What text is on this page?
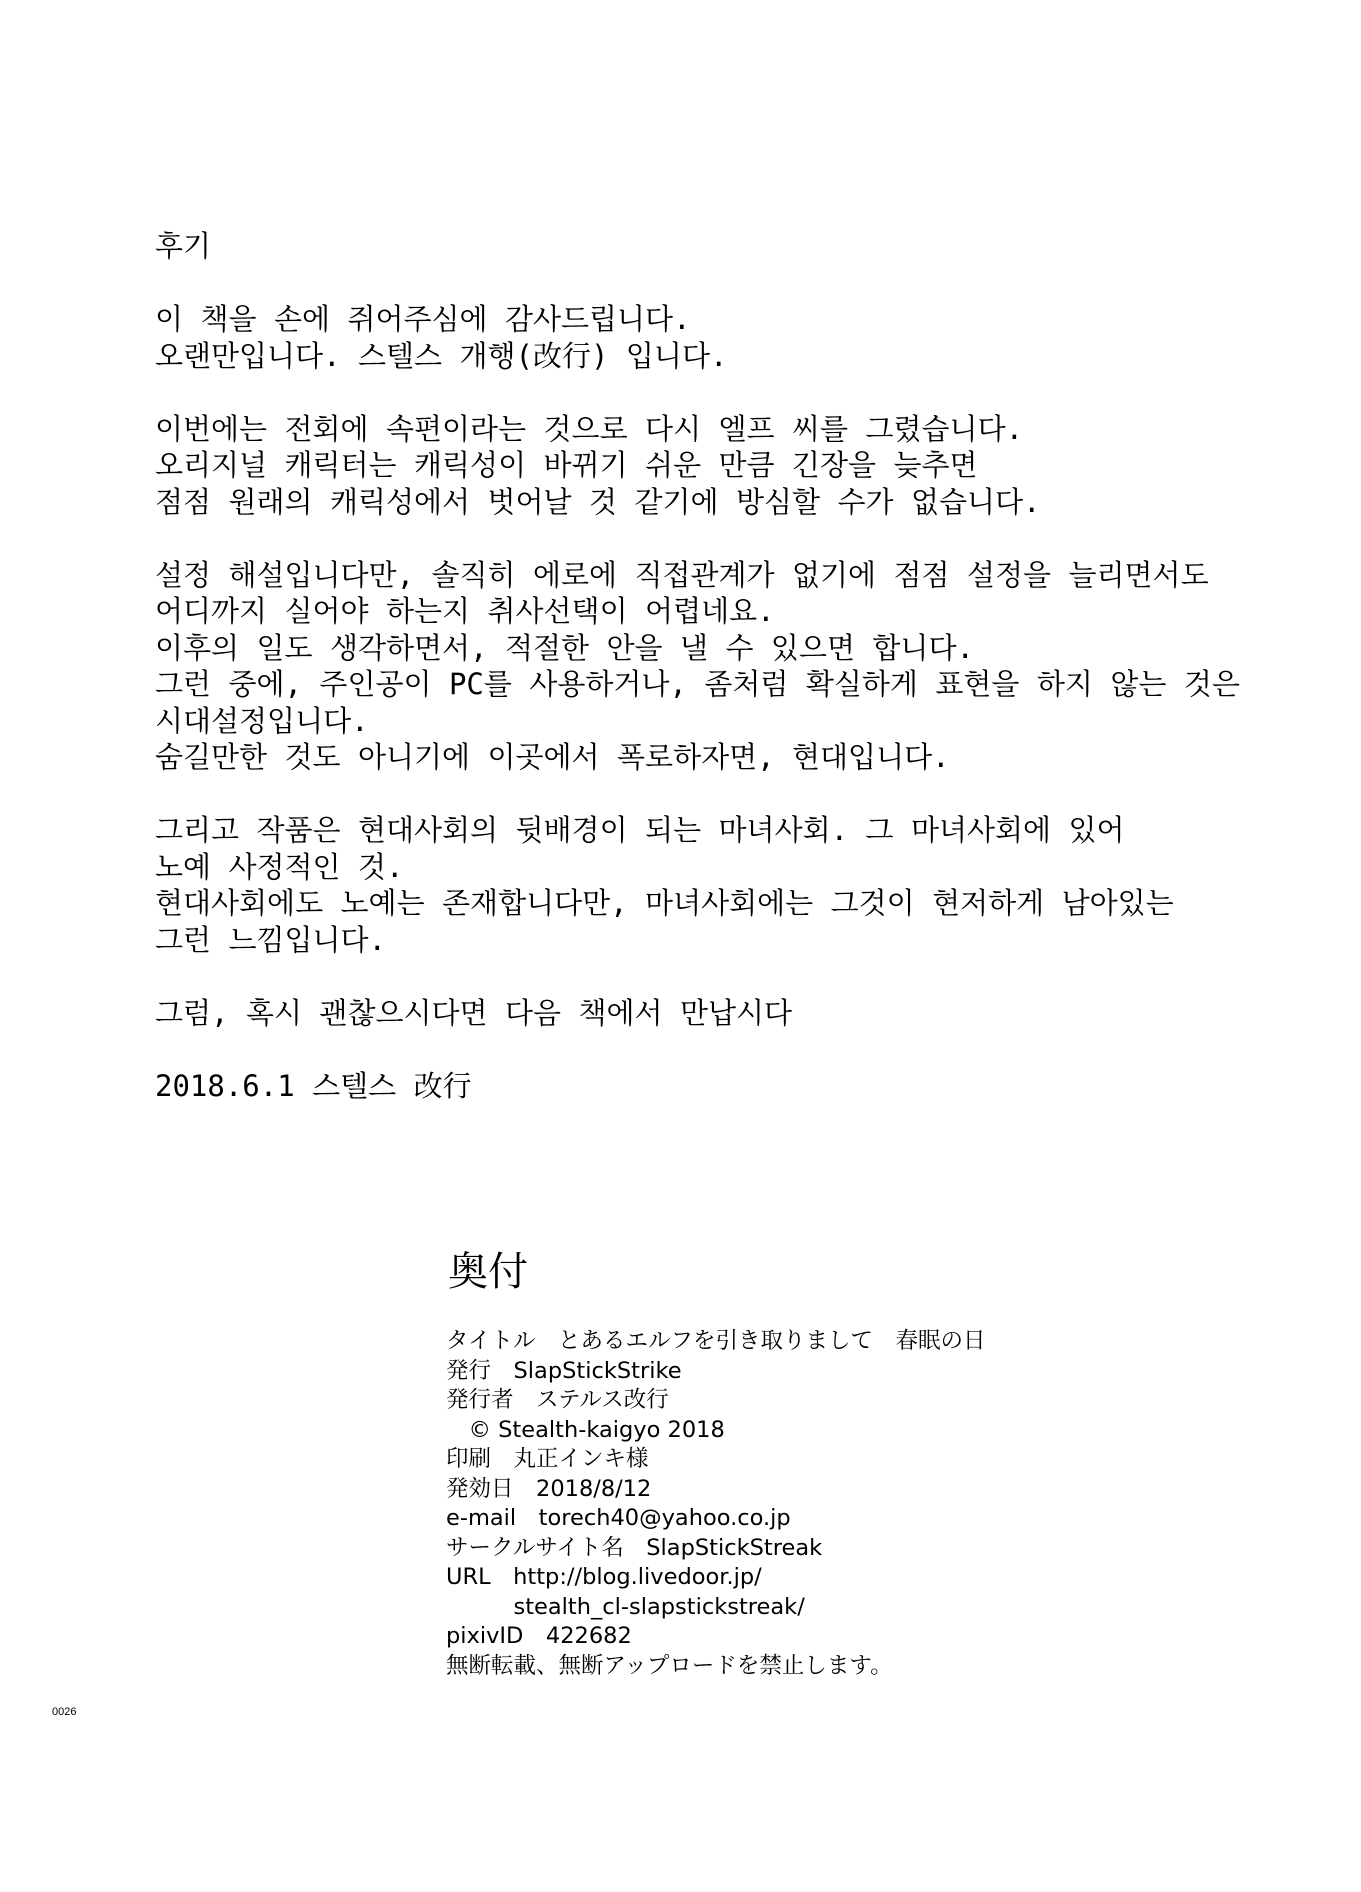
후기
이 책을 손에 쥐어주심에 감사드립니다.
오랜만입니다. 스텔스 개행(改行) 입니다.
이번에는 전회에 속편이라는 것으로 다시 엘프 씨를 그렸습니다.
오리지널 캐릭터는 캐릭성이 바뀌기 쉬운 만큼 긴장을 늦추면
점점 원래의 캐릭성에서 벗어날 것 같기에 방심할 수가 없습니다.
설정 해설입니다만, 솔직히 에로에 직접관계가 없기에 점점 설정을 늘리면서도
어디까지 실어야 하는지 취사선택이 어렵네요.
이후의 일도 생각하면서, 적절한 안을 낼 수 있으면 합니다.
그런 중에, 주인공이 PC를 사용하거나, 좀처럼 확실하게 표현을 하지 않는 것은
시대설정입니다.
숨길만한 것도 아니기에 이곳에서 폭로하자면, 현대입니다.
그리고 작품은 현대사회의 뒷배경이 되는 마녀사회. 그 마녀사회에 있어
노예 사정적인 것.
현대사회에도 노예는 존재합니다만, 마녀사회에는 그것이 현저하게 남아있는
그런 느낌입니다.
그럼, 혹시 괜찮으시다면 다음 책에서 만납시다
2018.6.1 스텔스 改行
奥付
タイトル　とあるエルフを引き取りまして　春眠の日
発行　SlapStickStrike
発行者　ステルス改行
　© Stealth-kaigyo 2018
印刷　丸正インキ様
発効日　2018/8/12
e-mail　torech40@yahoo.co.jp
サークルサイト名　SlapStickStreak
URL　http://blog.livedoor.jp/
　　　stealth_cl-slapstickstreak/
pixivID　422682
無断転載、無断アップロードを禁止します。
0026
